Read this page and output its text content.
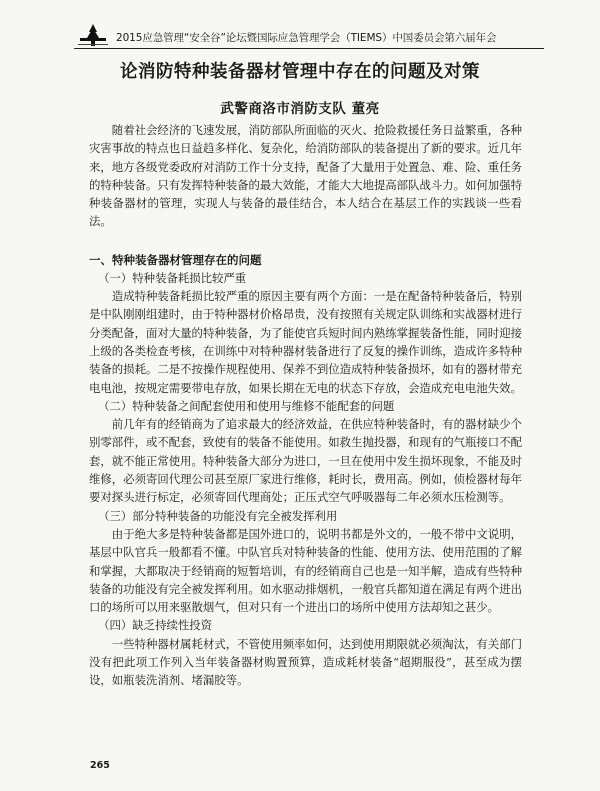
2015应急管理“安全谷”论坛暨国际应急管理学会（TIEMS）中国委员会第六届年会
论消防特种装备器材管理中存在的问题及对策
武警商洛市消防支队 董亮

随着社会经济的飞速发展，消防部队所面临的灭火、抢险救援任务日益繁重，各种灾害事故的特点也日益趋多样化、复杂化，给消防部队的装备提出了新的要求。近几年来，地方各级党委政府对消防工作十分支持，配备了大量用于处置急、难、险、重任务的特种装备。只有发挥特种装备的最大效能，才能大大地提高部队战斗力。如何加强特种装备器材的管理，实现人与装备的最佳结合，本人结合在基层工作的实践谈一些看法。

一、特种装备器材管理存在的问题
（一）特种装备耗损比较严重

造成特种装备耗损比较严重的原因主要有两个方面：一是在配备特种装备后，特别是中队刚刚组建时，由于特种器材价格昂贵，没有按照有关规定队训练和实战器材进行分类配备，面对大量的特种装备，为了能使官兵短时间内熟练掌握装备性能，同时迎接上级的各类检查考核，在训练中对特种器材装备进行了反复的操作训练，造成许多特种装备的损耗。二是不按操作规程使用、保养不到位造成特种装备损坏，如有的器材带充电电池，按规定需要带电存放，如果长期在无电的状态下存放，会造成充电电池失效。

（二）特种装备之间配套使用和使用与维修不能配套的问题

前几年有的经销商为了追求最大的经济效益，在供应特种装备时，有的器材缺少个别零部件，或不配套，致使有的装备不能使用。如救生抛投器，和现有的气瓶接口不配套，就不能正常使用。特种装备大部分为进口，一旦在使用中发生损坏现象，不能及时维修，必须寄回代理公司甚至原厂家进行维修，耗时长，费用高。例如，侦检器材每年要对探头进行标定，必须寄回代理商处；正压式空气呼吸器每二年必须水压检测等。

（三）部分特种装备的功能没有完全被发挥利用

由于绝大多是特种装备都是国外进口的，说明书都是外文的，一般不带中文说明，基层中队官兵一般都看不懂。中队官兵对特种装备的性能、使用方法、使用范围的了解和掌握，大都取决于经销商的短暂培训，有的经销商自己也是一知半解，造成有些特种装备的功能没有完全被发挥利用。如水驱动排烟机，一般官兵都知道在满足有两个进出口的场所可以用来驱散烟气，但对只有一个进出口的场所中使用方法却知之甚少。

（四）缺乏持续性投资

一些特种器材属耗材式，不管使用频率如何，达到使用期限就必须淘汰，有关部门没有把此项工作列入当年装备器材购置预算，造成耗材装备“超期服役”，甚至成为摆设，如瓶装洗消剂、堵漏胶等。

265
